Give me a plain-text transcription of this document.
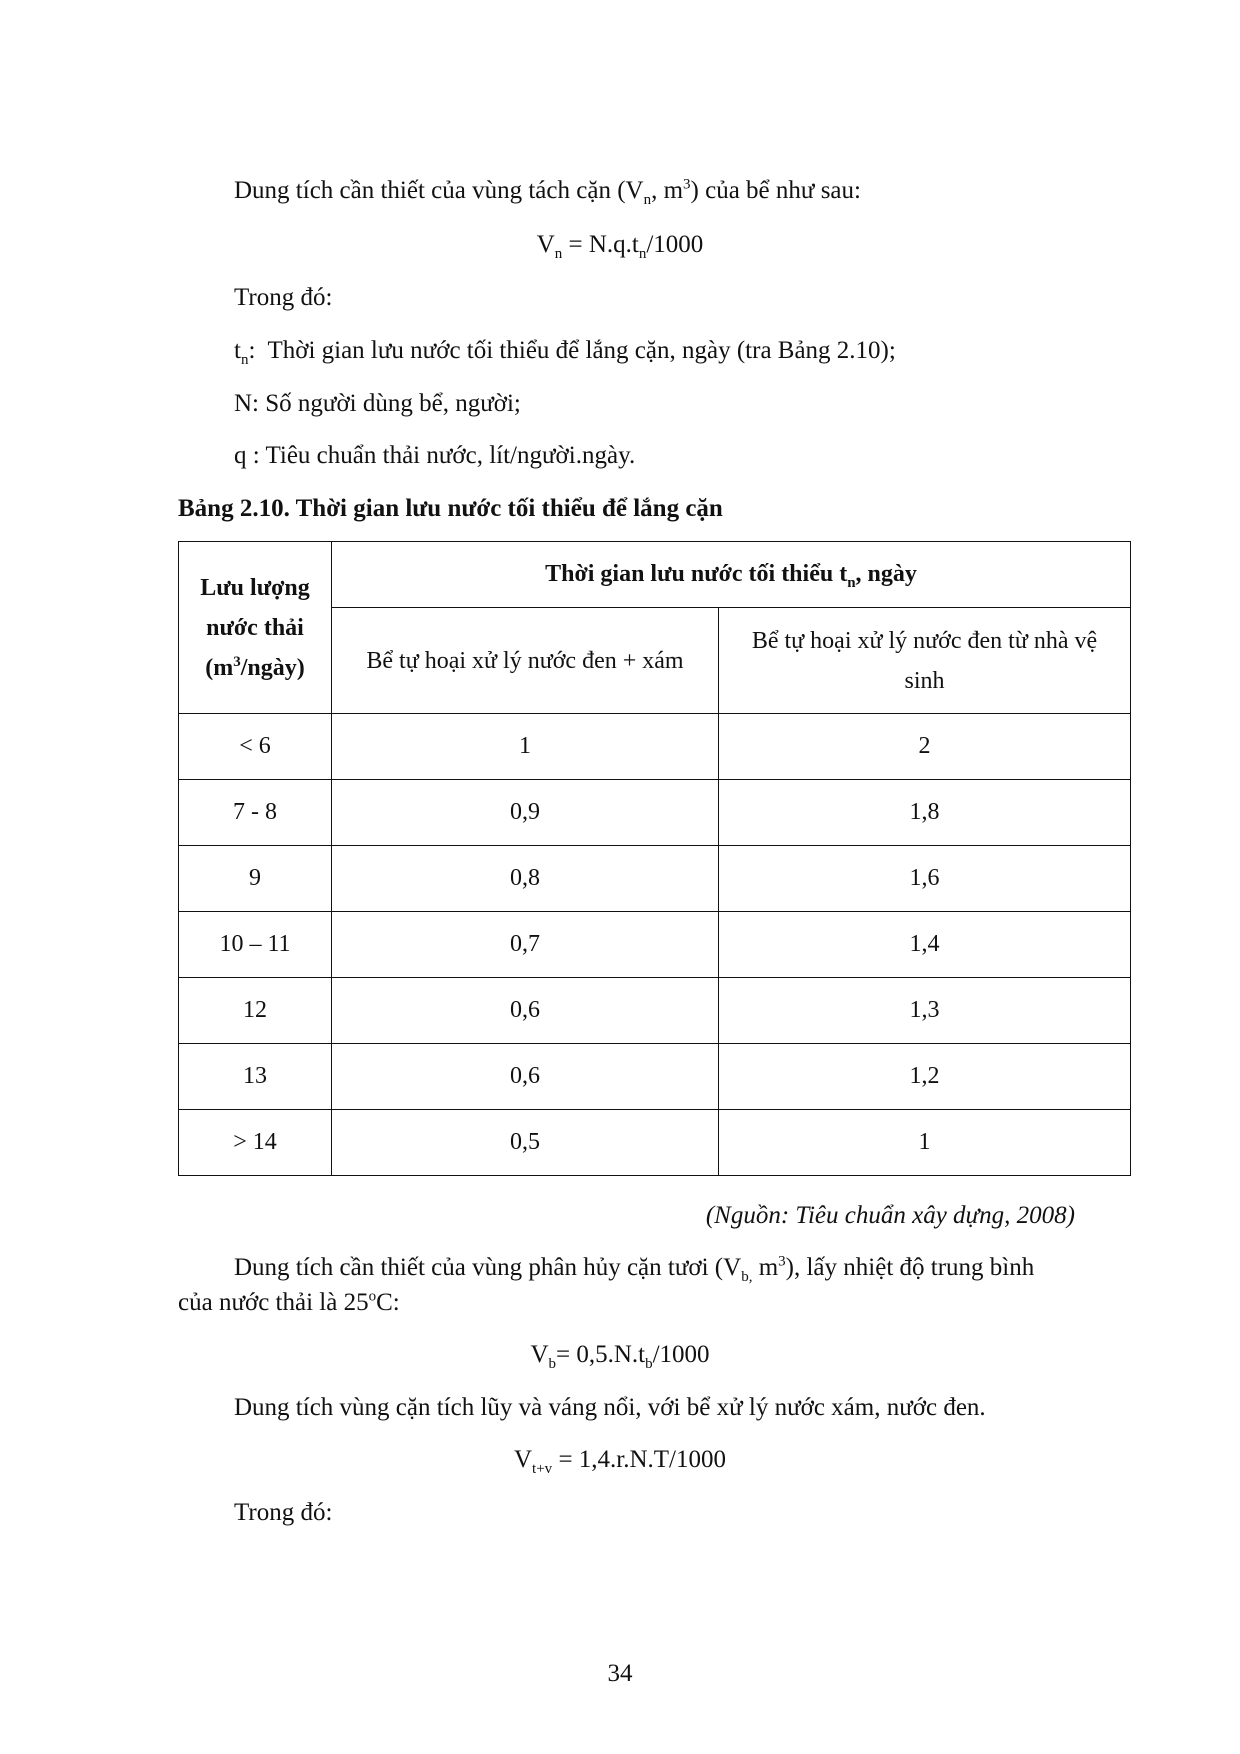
Dung tích cần thiết của vùng tách cặn ($V_n$, $m^3$) của bể như sau:
$V_n = N.q.t_n/1000$
Trong đó:
$t_n$:  Thời gian lưu nước tối thiểu để lắng cặn, ngày (tra Bảng 2.10);
N: Số người dùng bể, người;
q : Tiêu chuẩn thải nước, lít/người.ngày.
Bảng 2.10. Thời gian lưu nước tối thiểu để lắng cặn
Lưu lượng
nước thải
$(m^3/ngày)$	Thời gian lưu nước tối thiểu $t_n$, ngày	
	Bể tự hoại xử lý nước đen + xám	Bể tự hoại xử lý nước đen từ nhà vệ sinh
< 6	1	2
7 - 8	0,9	1,8
9	0,8	1,6
10 – 11	0,7	1,4
12	0,6	1,3
13	0,6	1,2
> 14	0,5	1
(Nguồn: Tiêu chuẩn xây dựng, 2008)
Dung tích cần thiết của vùng phân hủy cặn tươi ($V_{b,}$ $m^3$), lấy nhiệt độ trung bình
của nước thải là 25$^o$C:
$V_b= 0,5.N.t_b/1000$
Dung tích vùng cặn tích lũy và váng nổi, với bể xử lý nước xám, nước đen.
$V_{t+v} = 1,4.r.N.T/1000$
Trong đó:
34
